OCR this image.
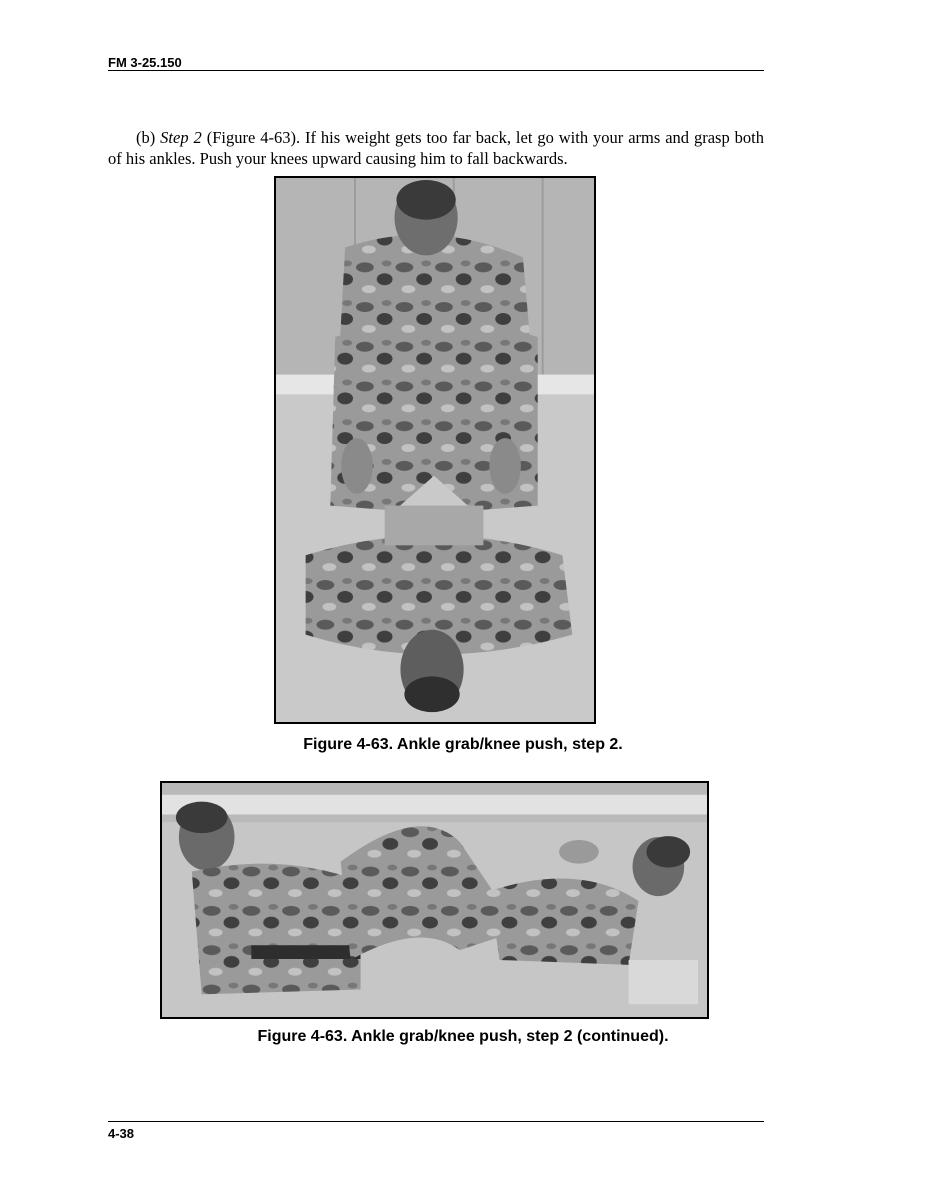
FM 3-25.150

(b) Step 2 (Figure 4-63). If his weight gets too far back, let go with your arms and grasp both of his ankles. Push your knees upward causing him to fall backwards.

Figure 4-63. Ankle grab/knee push, step 2.
Figure 4-63. Ankle grab/knee push, step 2 (continued).
4-38
